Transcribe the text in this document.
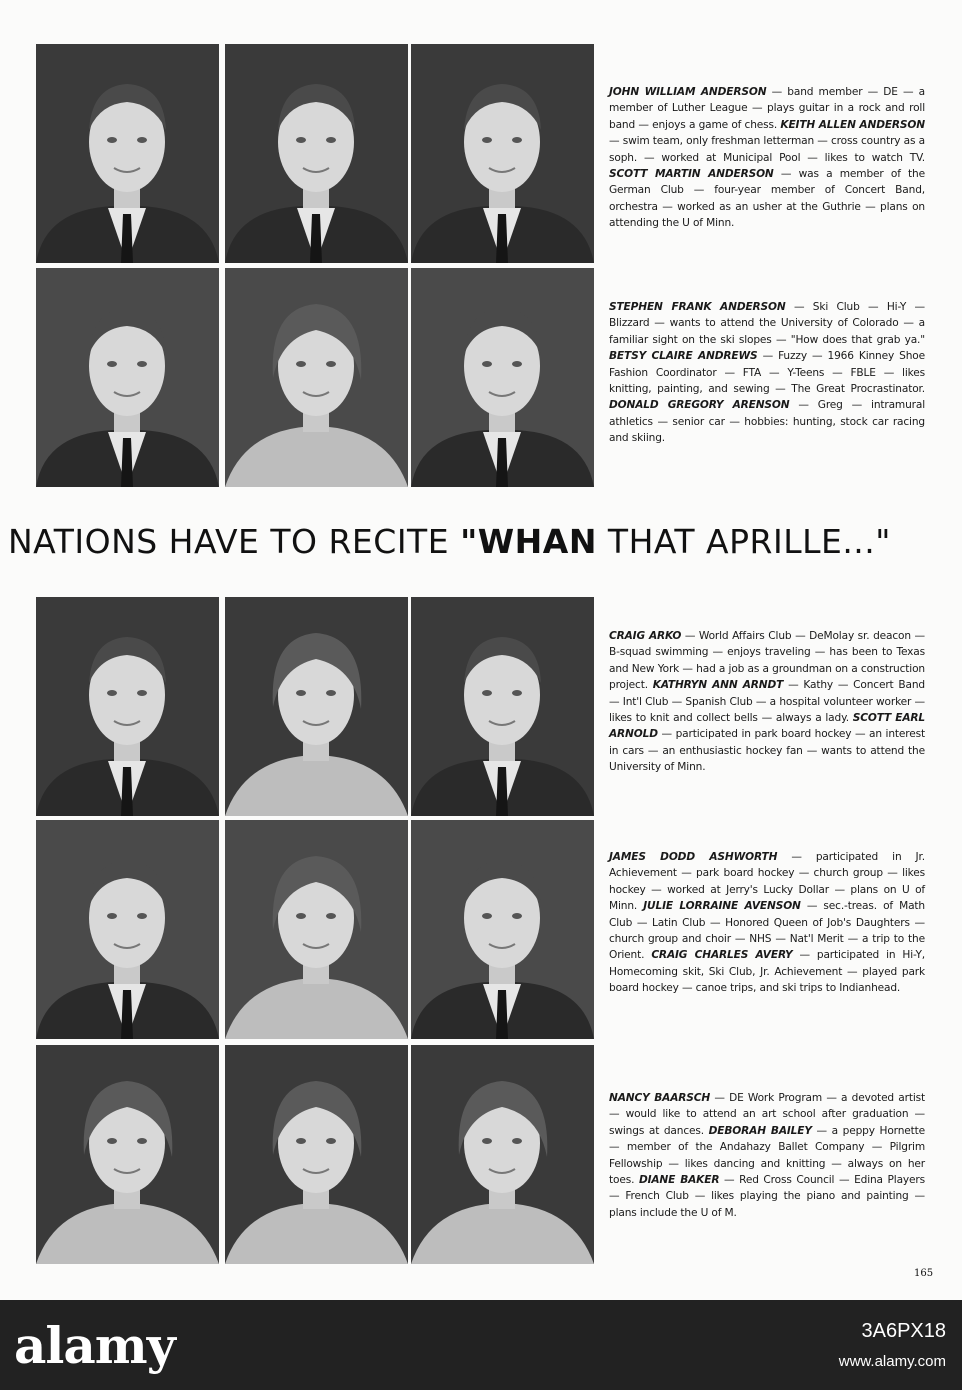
JOHN WILLIAM ANDERSON — band member — DE — a member of Luther League — plays guitar in a rock and roll band — enjoys a game of chess. KEITH ALLEN ANDERSON — swim team, only freshman letterman — cross country as a soph. — worked at Municipal Pool — likes to watch TV. SCOTT MARTIN ANDERSON — was a member of the German Club — four-year member of Concert Band, orchestra — worked as an usher at the Guthrie — plans on attending the U of Minn.
STEPHEN FRANK ANDERSON — Ski Club — Hi-Y — Blizzard — wants to attend the University of Colorado — a familiar sight on the ski slopes — "How does that grab ya." BETSY CLAIRE ANDREWS — Fuzzy — 1966 Kinney Shoe Fashion Coordinator — FTA — Y-Teens — FBLE — likes knitting, painting, and sewing — The Great Procrastinator. DONALD GREGORY ARENSON — Greg — intramural athletics — senior car — hobbies: hunting, stock car racing and skiing.
CRAIG ARKO — World Affairs Club — DeMolay sr. deacon — B-squad swimming — enjoys traveling — has been to Texas and New York — had a job as a groundman on a construction project. KATHRYN ANN ARNDT — Kathy — Concert Band — Int'l Club — Spanish Club — a hospital volunteer worker — likes to knit and collect bells — always a lady. SCOTT EARL ARNOLD — participated in park board hockey — an interest in cars — an enthusiastic hockey fan — wants to attend the University of Minn.
JAMES DODD ASHWORTH — participated in Jr. Achievement — park board hockey — church group — likes hockey — worked at Jerry's Lucky Dollar — plans on U of Minn. JULIE LORRAINE AVENSON — sec.-treas. of Math Club — Latin Club — Honored Queen of Job's Daughters — church group and choir — NHS — Nat'l Merit — a trip to the Orient. CRAIG CHARLES AVERY — participated in Hi-Y, Homecoming skit, Ski Club, Jr. Achievement — played park board hockey — canoe trips, and ski trips to Indianhead.
NANCY BAARSCH — DE Work Program — a devoted artist — would like to attend an art school after graduation — swings at dances. DEBORAH BAILEY — a peppy Hornette — member of the Andahazy Ballet Company — Pilgrim Fellowship — likes dancing and knitting — always on her toes. DIANE BAKER — Red Cross Council — Edina Players — French Club — likes playing the piano and painting — plans include the U of M.
NATIONS HAVE TO RECITE "WHAN THAT APRILLE..."
165
alamy	3A6PX18
www.alamy.com
